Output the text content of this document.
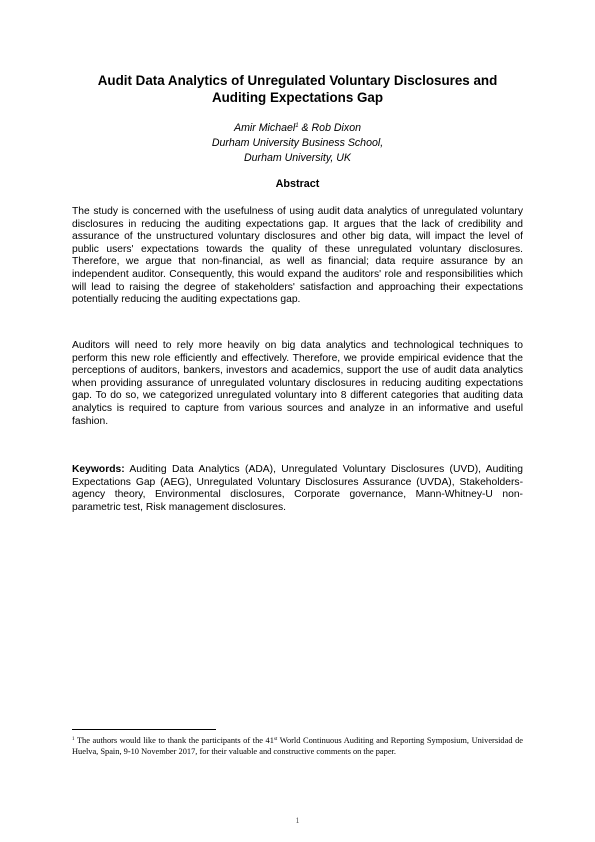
Audit Data Analytics of Unregulated Voluntary Disclosures and Auditing Expectations Gap
Amir Michael$^1$ & Rob Dixon
Durham University Business School,
Durham University, UK
Abstract

The study is concerned with the usefulness of using audit data analytics of unregulated voluntary disclosures in reducing the auditing expectations gap. It argues that the lack of credibility and assurance of the unstructured voluntary disclosures and other big data, will impact the level of public users' expectations towards the quality of these unregulated voluntary disclosures. Therefore, we argue that non-financial, as well as financial; data require assurance by an independent auditor. Consequently, this would expand the auditors' role and responsibilities which will lead to raising the degree of stakeholders' satisfaction and approaching their expectations potentially reducing the auditing expectations gap.

Auditors will need to rely more heavily on big data analytics and technological techniques to perform this new role efficiently and effectively. Therefore, we provide empirical evidence that the perceptions of auditors, bankers, investors and academics, support the use of audit data analytics when providing assurance of unregulated voluntary disclosures in reducing auditing expectations gap. To do so, we categorized unregulated voluntary into 8 different categories that auditing data analytics is required to capture from various sources and analyze in an informative and useful fashion.

Keywords: Auditing Data Analytics (ADA), Unregulated Voluntary Disclosures (UVD), Auditing Expectations Gap (AEG), Unregulated Voluntary Disclosures Assurance (UVDA), Stakeholders-agency theory, Environmental disclosures, Corporate governance, Mann-Whitney-U non-parametric test, Risk management disclosures.

$^1$ The authors would like to thank the participants of the 41st World Continuous Auditing and Reporting Symposium, Universidad de Huelva, Spain, 9-10 November 2017, for their valuable and constructive comments on the paper.

1
